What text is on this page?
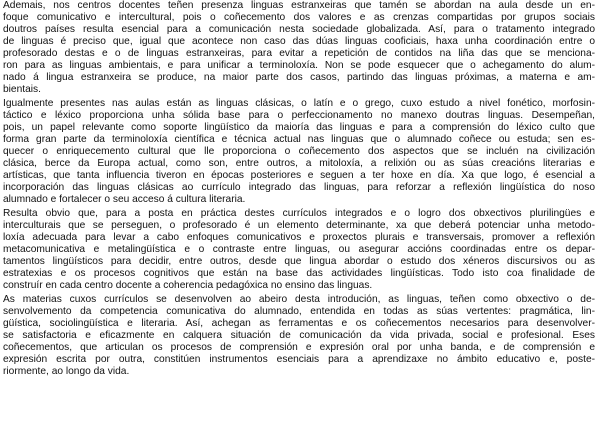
Ademais, nos centros docentes teñen presenza linguas estranxeiras que tamén se abordan na aula desde un en-
foque comunicativo e intercultural, pois o coñecemento dos valores e as crenzas compartidas por grupos sociais
doutros países resulta esencial para a comunicación nesta sociedade globalizada. Así, para o tratamento integrado
de linguas é preciso que, igual que acontece non caso das dúas linguas cooficiais, haxa unha coordinación entre o
profesorado destas e o de linguas estranxeiras, para evitar a repetición de contidos na liña das que se menciona-
ron para as linguas ambientais, e para unificar a terminoloxía. Non se pode esquecer que o achegamento do alum-
nado á lingua estranxeira se produce, na maior parte dos casos, partindo das linguas próximas, a materna e am-
bientais.
Igualmente presentes nas aulas están as linguas clásicas, o latín e o grego, cuxo estudo a nivel fonético, morfosin-
táctico e léxico proporciona unha sólida base para o perfeccionamento no manexo doutras linguas. Desempeñan,
pois, un papel relevante como soporte lingüístico da maioría das linguas e para a comprensión do léxico culto que
forma gran parte da terminoloxía científica e técnica actual nas linguas que o alumnado coñece ou estuda; sen es-
quecer o enriquecemento cultural que lle proporciona o coñecemento dos aspectos que se incluén na civilización
clásica, berce da Europa actual, como son, entre outros, a mitoloxía, a relixión ou as súas creacións literarias e
artísticas, que tanta influencia tiveron en épocas posteriores e seguen a ter hoxe en día. Xa que logo, é esencial a
incorporación das linguas clásicas ao currículo integrado das linguas, para reforzar a reflexión lingüística do noso
alumnado e fortalecer o seu acceso á cultura literaria.
Resulta obvio que, para a posta en práctica destes currículos integrados e o logro dos obxectivos plurilingües e
interculturais que se perseguen, o profesorado é un elemento determinante, xa que deberá potenciar unha metodo-
loxía adecuada para levar a cabo enfoques comunicativos e proxectos plurais e transversais, promover a reflexión
metacomunicativa e metalingüística e o contraste entre linguas, ou asegurar accións coordinadas entre os depar-
tamentos lingüísticos para decidir, entre outros, desde que lingua abordar o estudo dos xéneros discursivos ou as
estratexias e os procesos cognitivos que están na base das actividades lingüísticas. Todo isto coa finalidade de
construír en cada centro docente a coherencia pedagóxica no ensino das linguas.
As materias cuxos currículos se desenvolven ao abeiro desta introdución, as linguas, teñen como obxectivo o de-
senvolvemento da competencia comunicativa do alumnado, entendida en todas as súas vertentes: pragmática, lin-
güística, sociolingüística e literaria. Así, achegan as ferramentas e os coñecementos necesarios para desenvolver-
se satisfactoria e eficazmente en calquera situación de comunicación da vida privada, social e profesional. Eses
coñecementos, que articulan os procesos de comprensión e expresión oral por unha banda, e de comprensión e
expresión escrita por outra, constitúen instrumentos esenciais para a aprendizaxe no ámbito educativo e, poste-
riormente, ao longo da vida.
